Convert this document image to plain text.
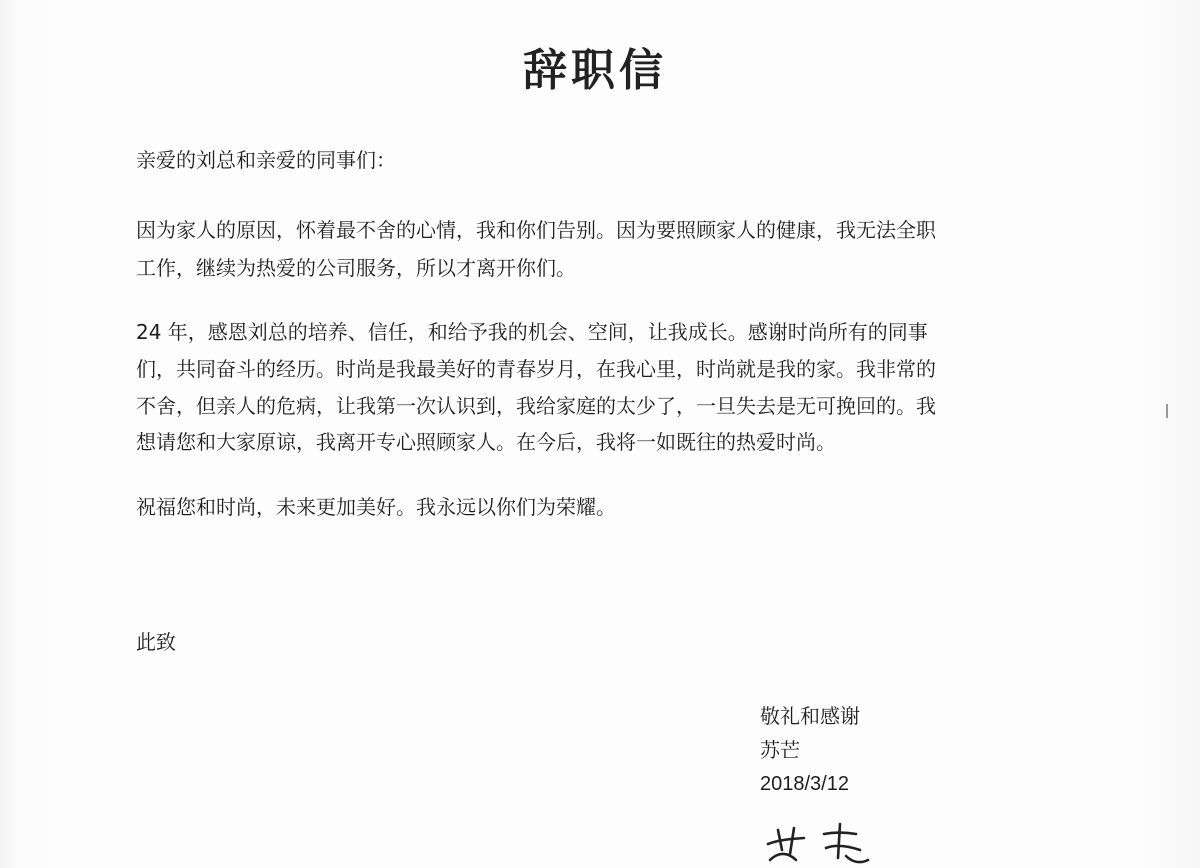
辞职信
亲爱的刘总和亲爱的同事们：
因为家人的原因，怀着最不舍的心情，我和你们告别。因为要照顾家人的健康，我无法全职
工作，继续为热爱的公司服务，所以才离开你们。
24 年，感恩刘总的培养、信任，和给予我的机会、空间，让我成长。感谢时尚所有的同事
们，共同奋斗的经历。时尚是我最美好的青春岁月，在我心里，时尚就是我的家。我非常的
不舍，但亲人的危病，让我第一次认识到，我给家庭的太少了，一旦失去是无可挽回的。我
想请您和大家原谅，我离开专心照顾家人。在今后，我将一如既往的热爱时尚。
祝福您和时尚，未来更加美好。我永远以你们为荣耀。
此致
敬礼和感谢
苏芒
2018/3/12
